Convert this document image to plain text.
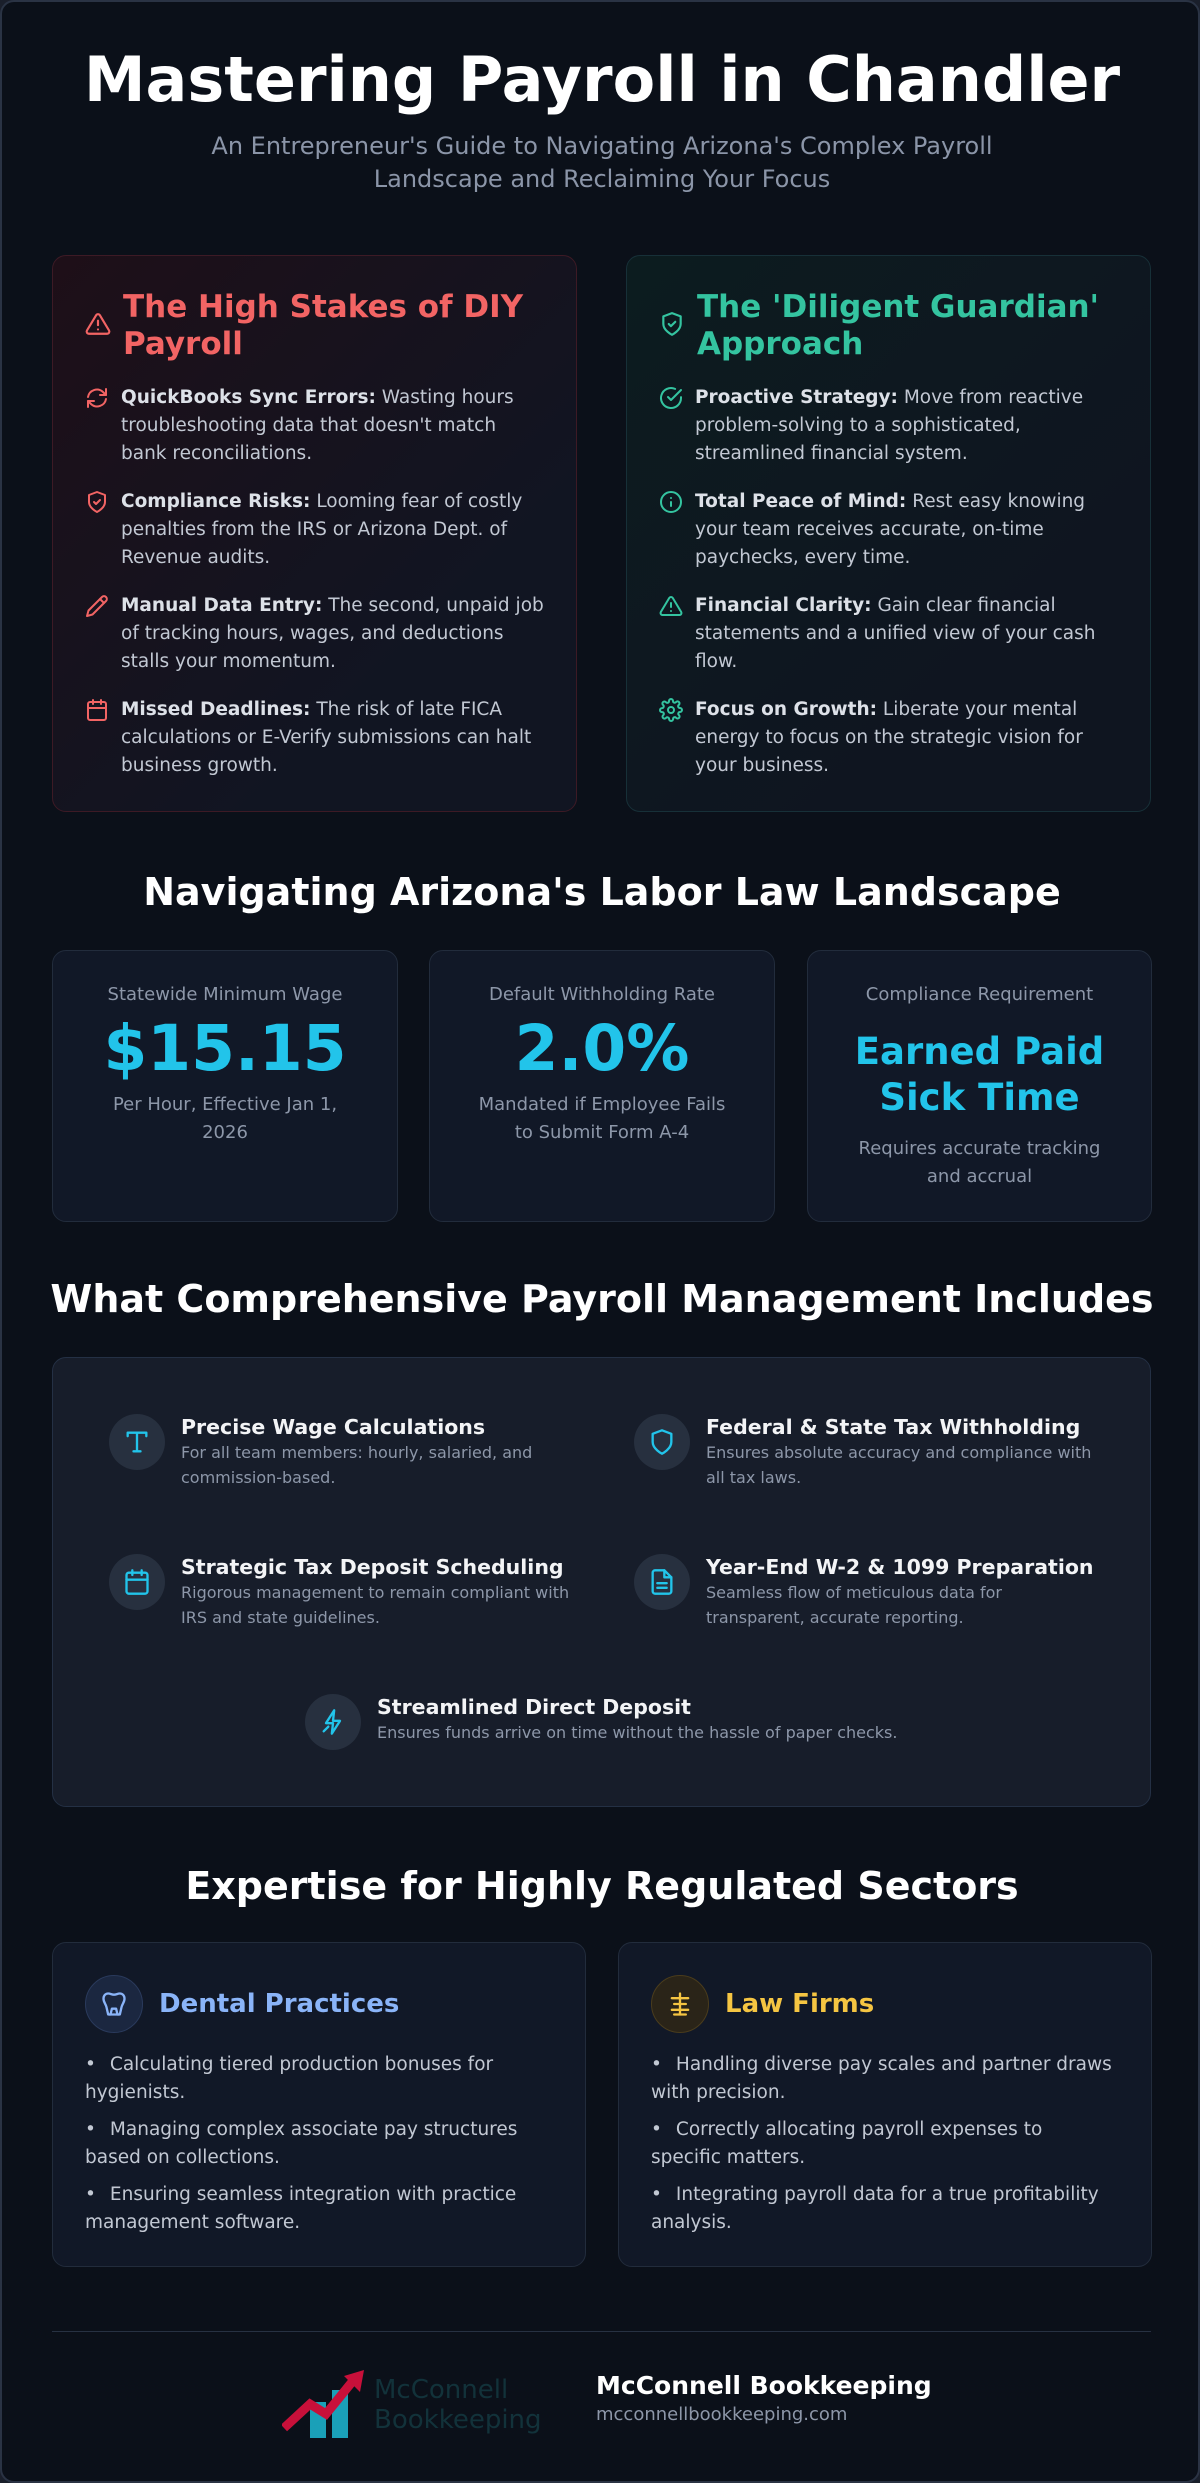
Mastering Payroll in Chandler
An Entrepreneur's Guide to Navigating Arizona's Complex Payroll Landscape and Reclaiming Your Focus
The High Stakes of DIY Payroll

QuickBooks Sync Errors: Wasting hours troubleshooting data that doesn't match bank reconciliations.

Compliance Risks: Looming fear of costly penalties from the IRS or Arizona Dept. of Revenue audits.

Manual Data Entry: The second, unpaid job of tracking hours, wages, and deductions stalls your momentum.

Missed Deadlines: The risk of late FICA calculations or E-Verify submissions can halt business growth.

The 'Diligent Guardian' Approach

Proactive Strategy: Move from reactive problem-solving to a sophisticated, streamlined financial system.

Total Peace of Mind: Rest easy knowing your team receives accurate, on-time paychecks, every time.

Financial Clarity: Gain clear financial statements and a unified view of your cash flow.

Focus on Growth: Liberate your mental energy to focus on the strategic vision for your business.

Navigating Arizona's Labor Law Landscape
Statewide Minimum Wage
$15.15
Per Hour, Effective Jan 1, 2026
Default Withholding Rate
2.0%
Mandated if Employee Fails to Submit Form A-4
Compliance Requirement
Earned Paid Sick Time
Requires accurate tracking and accrual
What Comprehensive Payroll Management Includes
Precise Wage Calculations

For all team members: hourly, salaried, and commission-based.

Federal & State Tax Withholding

Ensures absolute accuracy and compliance with all tax laws.

Strategic Tax Deposit Scheduling

Rigorous management to remain compliant with IRS and state guidelines.

Year-End W-2 & 1099 Preparation

Seamless flow of meticulous data for transparent, accurate reporting.

Streamlined Direct Deposit

Ensures funds arrive on time without the hassle of paper checks.

Expertise for Highly Regulated Sectors
Dental Practices
• Calculating tiered production bonuses for hygienists.
• Managing complex associate pay structures based on collections.
• Ensuring seamless integration with practice management software.
Law Firms
• Handling diverse pay scales and partner draws with precision.
• Correctly allocating payroll expenses to specific matters.
• Integrating payroll data for a true profitability analysis.
McConnell
Bookkeeping
McConnell Bookkeeping
mcconnellbookkeeping.com
